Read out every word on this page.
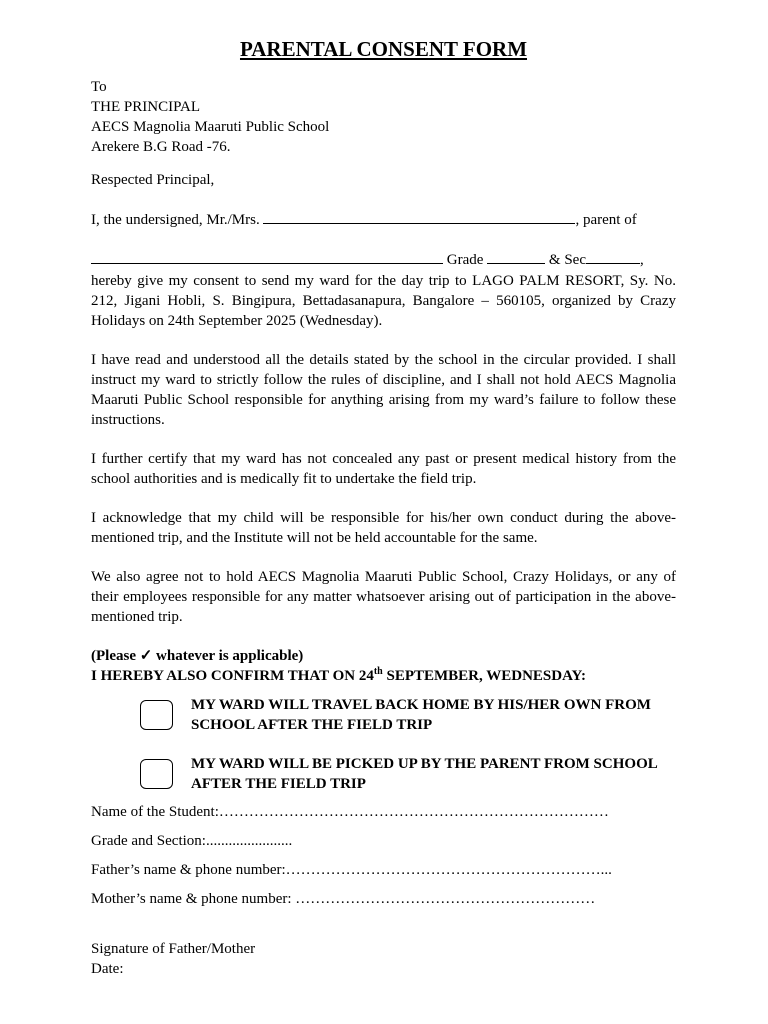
PARENTAL CONSENT FORM
To
THE PRINCIPAL
AECS Magnolia Maaruti Public School
Arekere B.G Road -76.
Respected Principal,
I, the undersigned, Mr./Mrs.	, parent of
Grade	& Sec	,
hereby give my consent to send my ward for the day trip to LAGO PALM RESORT, Sy. No. 212, Jigani Hobli, S. Bingipura, Bettadasanapura, Bangalore – 560105, organized by Crazy Holidays on 24th September 2025 (Wednesday).
I have read and understood all the details stated by the school in the circular provided. I shall instruct my ward to strictly follow the rules of discipline, and I shall not hold AECS Magnolia Maaruti Public School responsible for anything arising from my ward’s failure to follow these instructions.
I further certify that my ward has not concealed any past or present medical history from the school authorities and is medically fit to undertake the field trip.
I acknowledge that my child will be responsible for his/her own conduct during the above-mentioned trip, and the Institute will not be held accountable for the same.
We also agree not to hold AECS Magnolia Maaruti Public School, Crazy Holidays, or any of their employees responsible for any matter whatsoever arising out of participation in the above-mentioned trip.
(Please ✓ whatever is applicable)
I HEREBY ALSO CONFIRM THAT ON 24th SEPTEMBER, WEDNESDAY:
MY WARD WILL TRAVEL BACK HOME BY HIS/HER OWN FROM SCHOOL AFTER THE FIELD TRIP
MY WARD WILL BE PICKED UP BY THE PARENT FROM SCHOOL AFTER THE FIELD TRIP
Name of the Student:……………………………………………………………………
Grade and Section:.......................
Father’s name & phone number:………………………………………………………...
Mother’s name & phone number: ……………………………………………………
Signature of Father/Mother
Date:
